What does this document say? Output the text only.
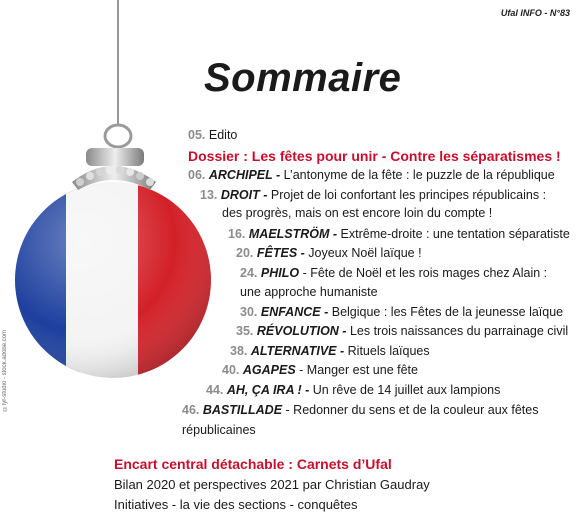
Ufal INFO - N°83
Sommaire
©lyr-studio - stock.adobe.com
05. Edito
Dossier : Les fêtes pour unir - Contre les séparatismes !
06. ARCHIPEL - L’antonyme de la fête : le puzzle de la république
13. DROIT - Projet de loi confortant les principes républicains :
des progrès, mais on est encore loin du compte !
16. MAELSTRÖM - Extrême-droite : une tentation séparatiste
20. FÊTES - Joyeux Noël laïque !
24. PHILO - Fête de Noël et les rois mages chez Alain :
une approche humaniste
30. ENFANCE - Belgique : les Fêtes de la jeunesse laïque
35. RÉVOLUTION - Les trois naissances du parrainage civil
38. ALTERNATIVE - Rituels laïques
40. AGAPES - Manger est une fête
44. AH, ÇA IRA ! - Un rêve de 14 juillet aux lampions
46. BASTILLADE - Redonner du sens et de la couleur aux fêtes
républicaines
Encart central détachable : Carnets d’Ufal
Bilan 2020 et perspectives 2021 par Christian Gaudray
Initiatives - la vie des sections - conquêtes
